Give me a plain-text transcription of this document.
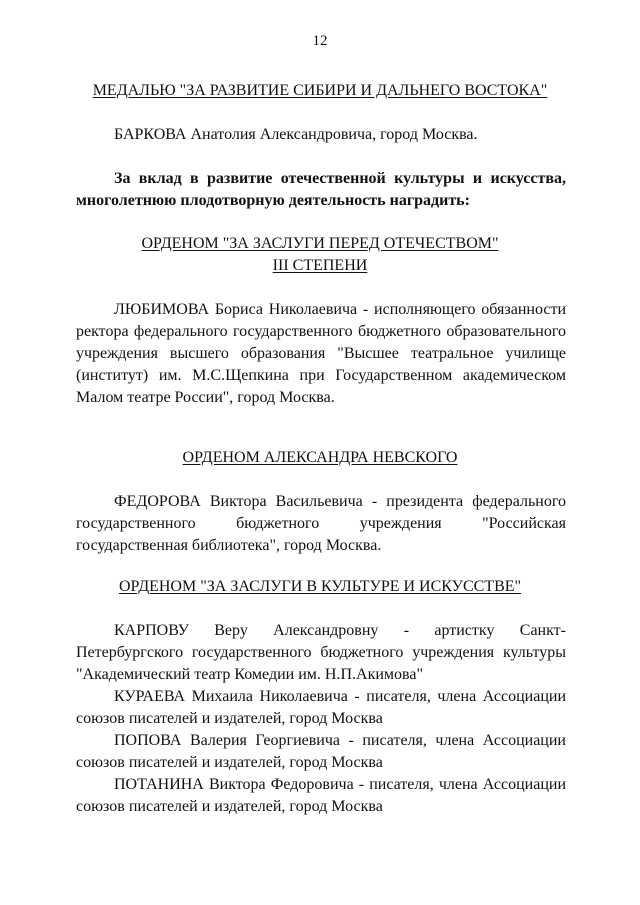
12
МЕДАЛЬЮ "ЗА РАЗВИТИЕ СИБИРИ И ДАЛЬНЕГО ВОСТОКА"
БАРКОВА Анатолия Александровича, город Москва.
За вклад в развитие отечественной культуры и искусства, многолетнюю плодотворную деятельность наградить:
ОРДЕНОМ "ЗА ЗАСЛУГИ ПЕРЕД ОТЕЧЕСТВОМ"
III СТЕПЕНИ
ЛЮБИМОВА Бориса Николаевича - исполняющего обязанности ректора федерального государственного бюджетного образовательного учреждения высшего образования "Высшее театральное училище (институт) им. М.С.Щепкина при Государственном академическом Малом театре России", город Москва.
ОРДЕНОМ АЛЕКСАНДРА НЕВСКОГО
ФЕДОРОВА Виктора Васильевича - президента федерального государственного бюджетного учреждения "Российская государственная библиотека", город Москва.
ОРДЕНОМ "ЗА ЗАСЛУГИ В КУЛЬТУРЕ И ИСКУССТВЕ"
КАРПОВУ Веру Александровну - артистку Санкт-Петербургского государственного бюджетного учреждения культуры "Академический театр Комедии им. Н.П.Акимова"
КУРАЕВА Михаила Николаевича - писателя, члена Ассоциации союзов писателей и издателей, город Москва
ПОПОВА Валерия Георгиевича - писателя, члена Ассоциации союзов писателей и издателей, город Москва
ПОТАНИНА Виктора Федоровича - писателя, члена Ассоциации союзов писателей и издателей, город Москва
